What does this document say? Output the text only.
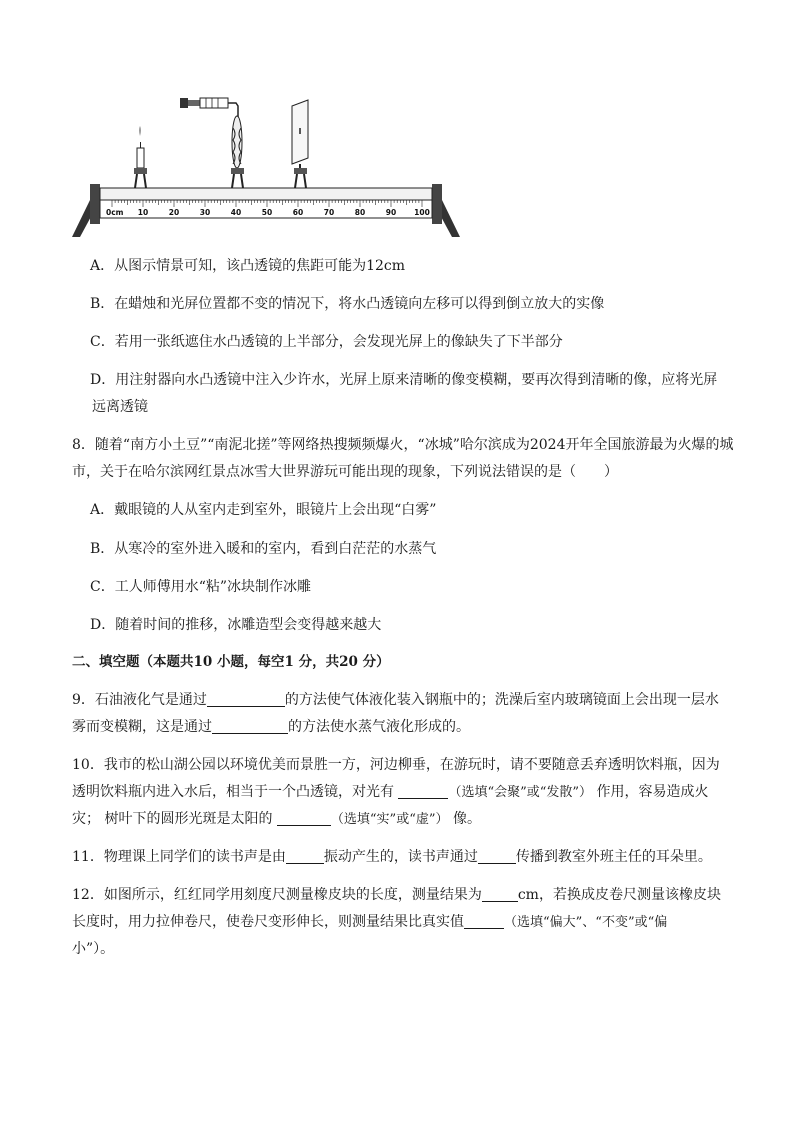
0cm 10	20	30	40	50	60	70	80	90 100
A．从图示情景可知，该凸透镜的焦距可能为12cm
B．在蜡烛和光屏位置都不变的情况下，将水凸透镜向左移可以得到倒立放大的实像
C．若用一张纸遮住水凸透镜的上半部分，会发现光屏上的像缺失了下半部分
D．用注射器向水凸透镜中注入少许水，光屏上原来清晰的像变模糊，要再次得到清晰的像，应将光屏
远离透镜
8．随着“南方小土豆”“南泥北搓”等网络热搜频频爆火，“冰城”哈尔滨成为2024开年全国旅游最为火爆的城
市，关于在哈尔滨网红景点冰雪大世界游玩可能出现的现象，下列说法错误的是（　　）
A．戴眼镜的人从室内走到室外，眼镜片上会出现“白雾”
B．从寒冷的室外进入暖和的室内，看到白茫茫的水蒸气
C．工人师傅用水“粘”冰块制作冰雕
D．随着时间的推移，冰雕造型会变得越来越大
二、填空题（本题共10 小题，每空1 分，共20 分）
9．石油液化气是通过	的方法使气体液化装入钢瓶中的；洗澡后室内玻璃镜面上会出现一层水
雾而变模糊，这是通过	的方法使水蒸气液化形成的。
10．我市的松山湖公园以环境优美而景胜一方，河边柳垂，在游玩时，请不要随意丢弃透明饮料瓶，因为
透明饮料瓶内进入水后，相当于一个凸透镜，对光有	（选填“会聚”或“发散”） 作用，容易造成火
灾； 树叶下的圆形光斑是太阳的	（选填“实”或“虚”） 像。
11．物理课上同学们的读书声是由	振动产生的，读书声通过	传播到教室外班主任的耳朵里。
12．如图所示，红红同学用刻度尺测量橡皮块的长度，测量结果为	cm，若换成皮卷尺测量该橡皮块
长度时，用力拉伸卷尺，使卷尺变形伸长，则测量结果比真实值	（选填“偏大”、“不变”或“偏
小”）。
